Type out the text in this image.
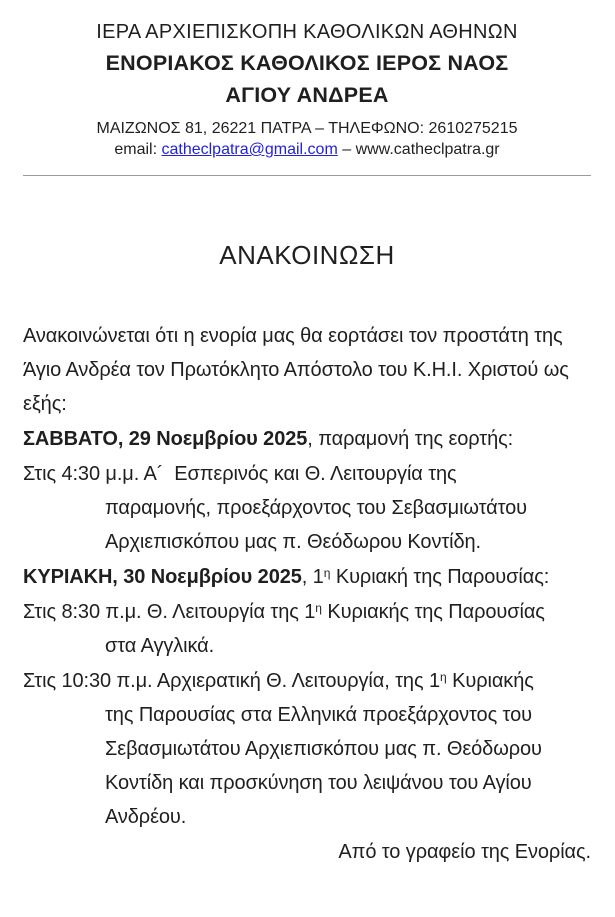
ΙΕΡΑ ΑΡΧΙΕΠΙΣΚΟΠΗ ΚΑΘΟΛΙΚΩΝ ΑΘΗΝΩΝ
ΕΝΟΡΙΑΚΟΣ ΚΑΘΟΛΙΚΟΣ ΙΕΡΟΣ ΝΑΟΣ
ΑΓΙΟΥ ΑΝΔΡΕΑ
ΜΑΙΖΩΝΟΣ 81, 26221 ΠΑΤΡΑ – ΤΗΛΕΦΩΝΟ: 2610275215
email: catheclpatra@gmail.com – www.catheclpatra.gr
ΑΝΑΚΟΙΝΩΣΗ

Ανακοινώνεται ότι η ενορία μας θα εορτάσει τον προστάτη της Άγιο Ανδρέα τον Πρωτόκλητο Απόστολο του Κ.Η.Ι. Χριστού ως εξής:

ΣΑΒΒΑΤΟ, 29 Νοεμβρίου 2025, παραμονή της εορτής:

Στις 4:30 μ.μ. Α´  Εσπερινός και Θ. Λειτουργία της
παραμονής, προεξάρχοντος του Σεβασμιωτάτου
Αρχιεπισκόπου μας π. Θεόδωρου Κοντίδη.

ΚΥΡΙΑΚΗ, 30 Νοεμβρίου 2025, $1^\eta$ Κυριακή της Παρουσίας:

Στις 8:30 π.μ. Θ. Λειτουργία της $1^\eta$ Κυριακής της Παρουσίας
στα Αγγλικά.

Στις 10:30 π.μ. Αρχιερατική Θ. Λειτουργία, της $1^\eta$ Κυριακής
της Παρουσίας στα Ελληνικά προεξάρχοντος του
Σεβασμιωτάτου Αρχιεπισκόπου μας π. Θεόδωρου
Κοντίδη και προσκύνηση του λειψάνου του Αγίου
Ανδρέου.

Από το γραφείο της Ενορίας.
